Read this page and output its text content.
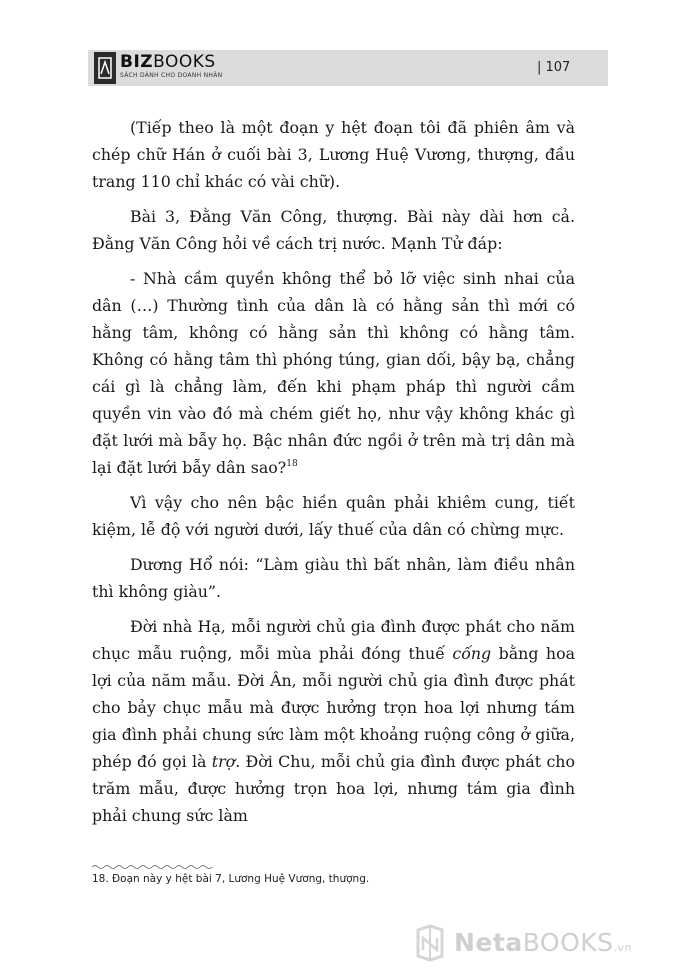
BIZBOOKS
SÁCH DÀNH CHO DOANH NHÂN
| 107

(Tiếp theo là một đoạn y hệt đoạn tôi đã phiên âm và chép chữ Hán ở cuối bài 3, Lương Huệ Vương, thượng, đầu trang 110 chỉ khác có vài chữ).

Bài 3, Đằng Văn Công, thượng. Bài này dài hơn cả. Đằng Văn Công hỏi về cách trị nước. Mạnh Tử đáp:

- Nhà cầm quyền không thể bỏ lỡ việc sinh nhai của dân (…) Thường tình của dân là có hằng sản thì mới có hằng tâm, không có hằng sản thì không có hằng tâm. Không có hằng tâm thì phóng túng, gian dối, bậy bạ, chẳng cái gì là chẳng làm, đến khi phạm pháp thì người cầm quyền vin vào đó mà chém giết họ, như vậy không khác gì đặt lưới mà bẫy họ. Bậc nhân đức ngồi ở trên mà trị dân mà lại đặt lưới bẫy dân sao?$^{18}$

Vì vậy cho nên bậc hiền quân phải khiêm cung, tiết kiệm, lễ độ với người dưới, lấy thuế của dân có chừng mực.

Dương Hổ nói: “Làm giàu thì bất nhân, làm điều nhân thì không giàu”.

Đời nhà Hạ, mỗi người chủ gia đình được phát cho năm chục mẫu ruộng, mỗi mùa phải đóng thuế cống bằng hoa lợi của năm mẫu. Đời Ân, mỗi người chủ gia đình được phát cho bảy chục mẫu mà được hưởng trọn hoa lợi nhưng tám gia đình phải chung sức làm một khoảng ruộng công ở giữa, phép đó gọi là trợ. Đời Chu, mỗi chủ gia đình được phát cho trăm mẫu, được hưởng trọn hoa lợi, nhưng tám gia đình phải chung sức làm

18. Đoạn này y hệt bài 7, Lương Huệ Vương, thượng.
NetaBOOKS.vn
